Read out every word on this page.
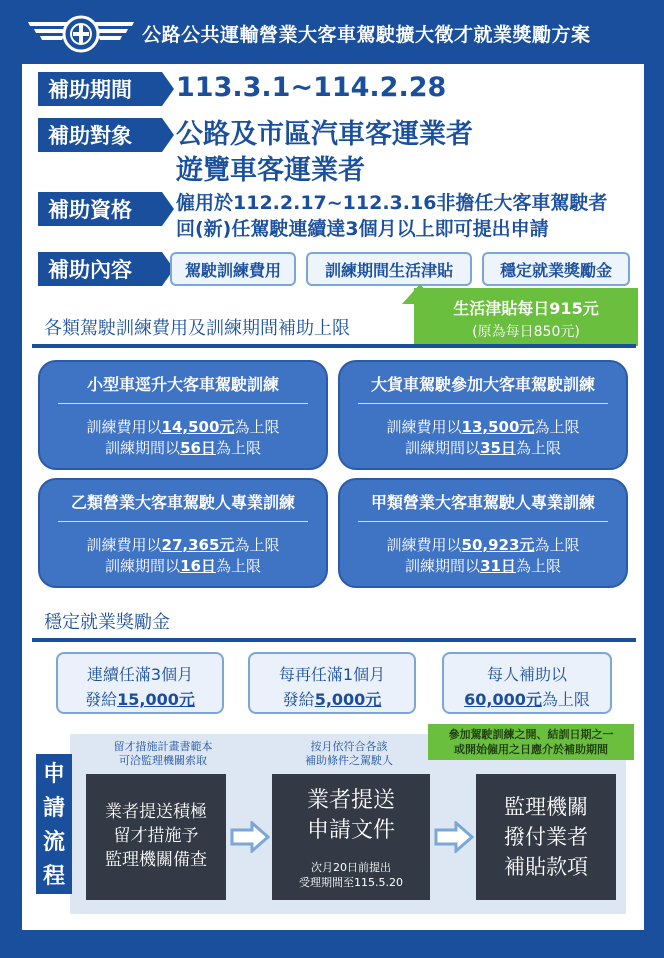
公路公共運輸營業大客車駕駛擴大徵才就業獎勵方案
補助期間	113.3.1~114.2.28
補助對象	公路及市區汽車客運業者
遊覽車客運業者
補助資格	僱用於112.2.17~112.3.16非擔任大客車駕駛者
回(新)任駕駛連續達3個月以上即可提出申請
補助內容	駕駛訓練費用	訓練期間生活津貼	穩定就業獎勵金
生活津貼每日915元
(原為每日850元)
各類駕駛訓練費用及訓練期間補助上限
小型車逕升大客車駕駛訓練
訓練費用以14,500元為上限
訓練期間以56日為上限
大貨車駕駛參加大客車駕駛訓練
訓練費用以13,500元為上限
訓練期間以35日為上限
乙類營業大客車駕駛人專業訓練
訓練費用以27,365元為上限
訓練期間以16日為上限
甲類營業大客車駕駛人專業訓練
訓練費用以50,923元為上限
訓練期間以31日為上限
穩定就業獎勵金
連續任滿3個月
發給15,000元
每再任滿1個月
發給5,000元
每人補助以
60,000元為上限
申
請
流
程
留才措施計畫書範本
可洽監理機關索取
按月依符合各該
補助條件之駕駛人
參加駕駛訓練之開、結訓日期之一
或開始僱用之日應介於補助期間
業者提送積極
留才措施予
監理機關備查
業者提送
申請文件
次月20日前提出
受理期間至115.5.20
監理機關
撥付業者
補貼款項
